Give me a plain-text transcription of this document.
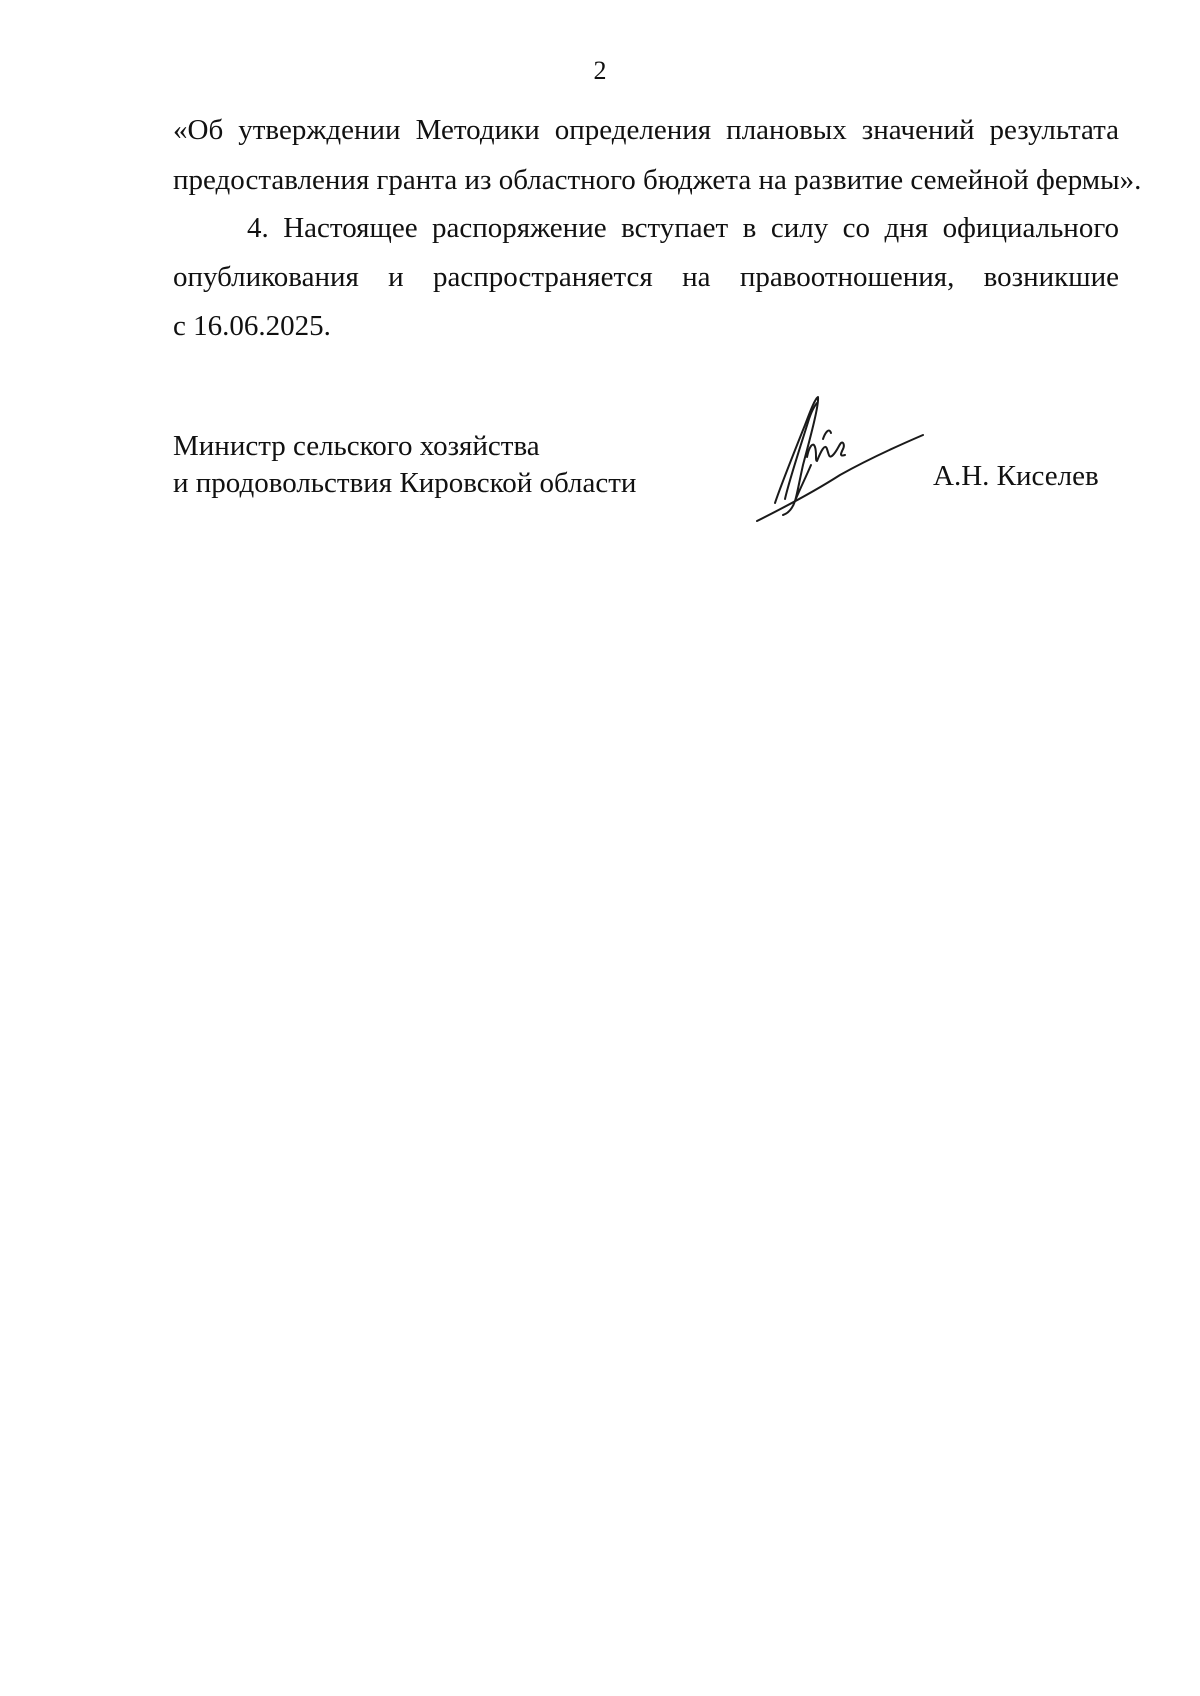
2
«Об утверждении Методики определения плановых значений результата
предоставления гранта из областного бюджета на развитие семейной фермы».
4. Настоящее распоряжение вступает в силу со дня официального
опубликования и распространяется на правоотношения, возникшие
с 16.06.2025.
Министр сельского хозяйства
и продовольствия Кировской области	А.Н. Киселев
